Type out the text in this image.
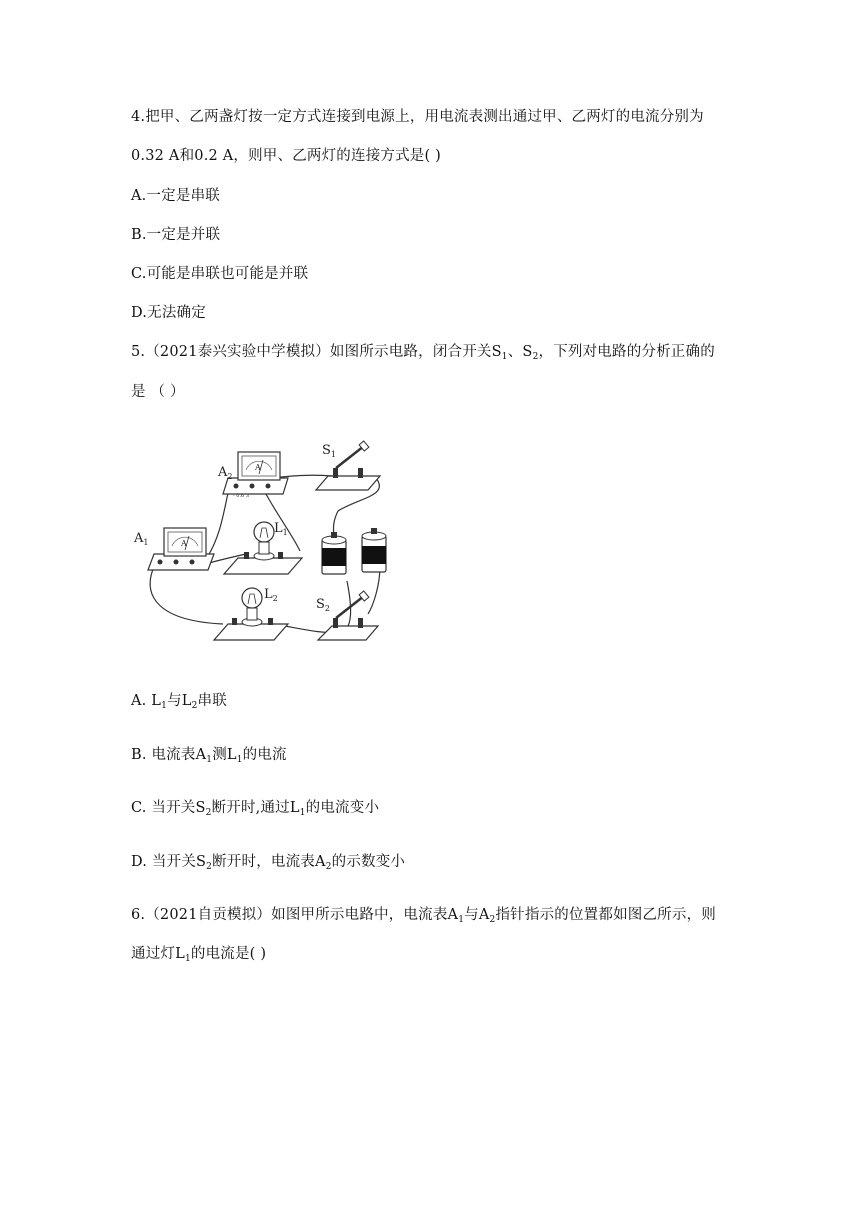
4.把甲、乙两盏灯按一定方式连接到电源上，用电流表测出通过甲、乙两灯的电流分别为
0.32 A和0.2 A，则甲、乙两灯的连接方式是( )
A.一定是串联
B.一定是并联
C.可能是串联也可能是并联
D.无法确定
5.（2021泰兴实验中学模拟）如图所示电路，闭合开关$S_1$、$S_2$，下列对电路的分析正确的
是 （ ）
A
- 0.6 3
$A_2$
A
$A_1$
$L_1$
$L_2$
$S_1$
$S_2$
A. $L_1$与$L_2$串联
B. 电流表$A_1$测$L_1$的电流
C. 当开关$S_2$断开时,通过$L_1$的电流变小
D. 当开关$S_2$断开时，电流表$A_2$的示数变小
6.（2021自贡模拟）如图甲所示电路中，电流表$A_1$与$A_2$指针指示的位置都如图乙所示，则
通过灯$L_1$的电流是( )
